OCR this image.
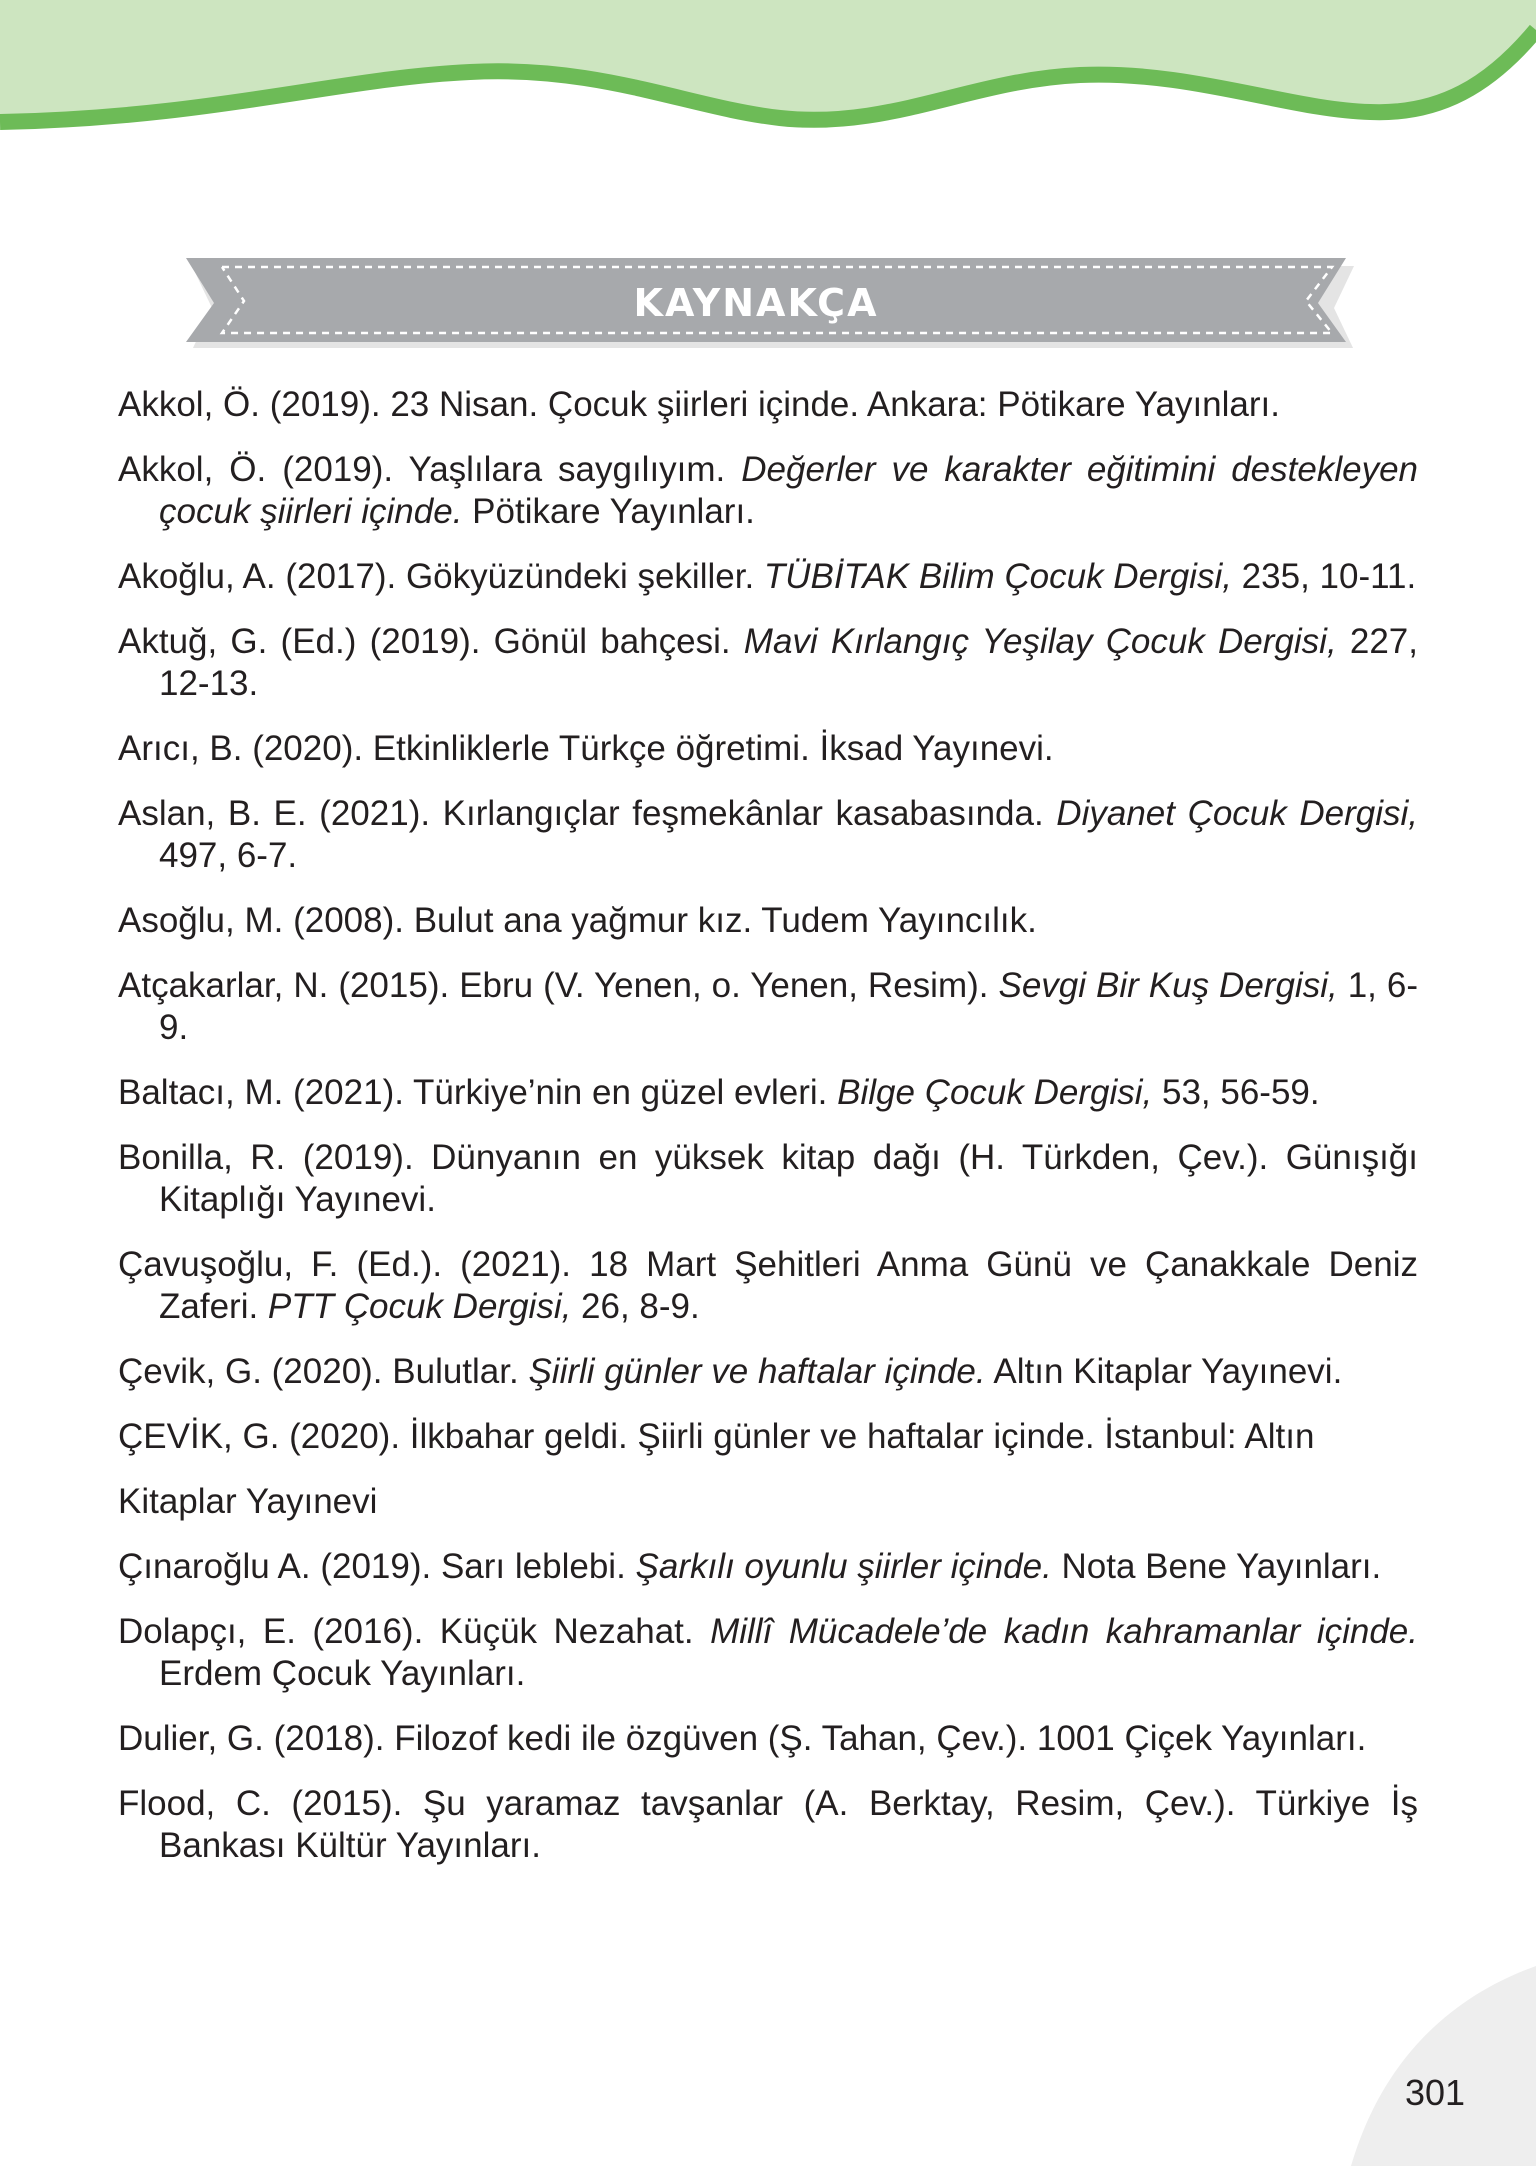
KAYNAKÇA
Akkol, Ö. (2019). 23 Nisan. Çocuk şiirleri içinde. Ankara: Pötikare Yayınları.
Akkol, Ö. (2019). Yaşlılara saygılıyım. Değerler ve karakter eğitimini destekleyen çocuk şiirleri içinde. Pötikare Yayınları.
Akoğlu, A. (2017). Gökyüzündeki şekiller. TÜBİTAK Bilim Çocuk Dergisi, 235, 10-11.
Aktuğ, G. (Ed.) (2019). Gönül bahçesi. Mavi Kırlangıç Yeşilay Çocuk Dergisi, 227, 12-13.
Arıcı, B. (2020). Etkinliklerle Türkçe öğretimi. İksad Yayınevi.
Aslan, B. E. (2021). Kırlangıçlar feşmekânlar kasabasında. Diyanet Çocuk Dergisi, 497, 6-7.
Asoğlu, M. (2008). Bulut ana yağmur kız. Tudem Yayıncılık.
Atçakarlar, N. (2015). Ebru (V. Yenen, o. Yenen, Resim). Sevgi Bir Kuş Dergisi, 1, 6-9.
Baltacı, M. (2021). Türkiye’nin en güzel evleri. Bilge Çocuk Dergisi, 53, 56-59.
Bonilla, R. (2019). Dünyanın en yüksek kitap dağı (H. Türkden, Çev.). Günışığı Kitaplığı Yayınevi.
Çavuşoğlu, F. (Ed.). (2021). 18 Mart Şehitleri Anma Günü ve Çanakkale Deniz Zaferi. PTT Çocuk Dergisi, 26, 8-9.
Çevik, G. (2020). Bulutlar. Şiirli günler ve haftalar içinde. Altın Kitaplar Yayınevi.
ÇEVİK, G. (2020). İlkbahar geldi. Şiirli günler ve haftalar içinde. İstanbul: Altın
Kitaplar Yayınevi
Çınaroğlu A. (2019). Sarı leblebi. Şarkılı oyunlu şiirler içinde. Nota Bene Yayınları.
Dolapçı, E. (2016). Küçük Nezahat. Millî Mücadele’de kadın kahramanlar içinde. Erdem Çocuk Yayınları.
Dulier, G. (2018). Filozof kedi ile özgüven (Ş. Tahan, Çev.). 1001 Çiçek Yayınları.
Flood, C. (2015). Şu yaramaz tavşanlar (A. Berktay, Resim, Çev.). Türkiye İş Bankası Kültür Yayınları.
301
